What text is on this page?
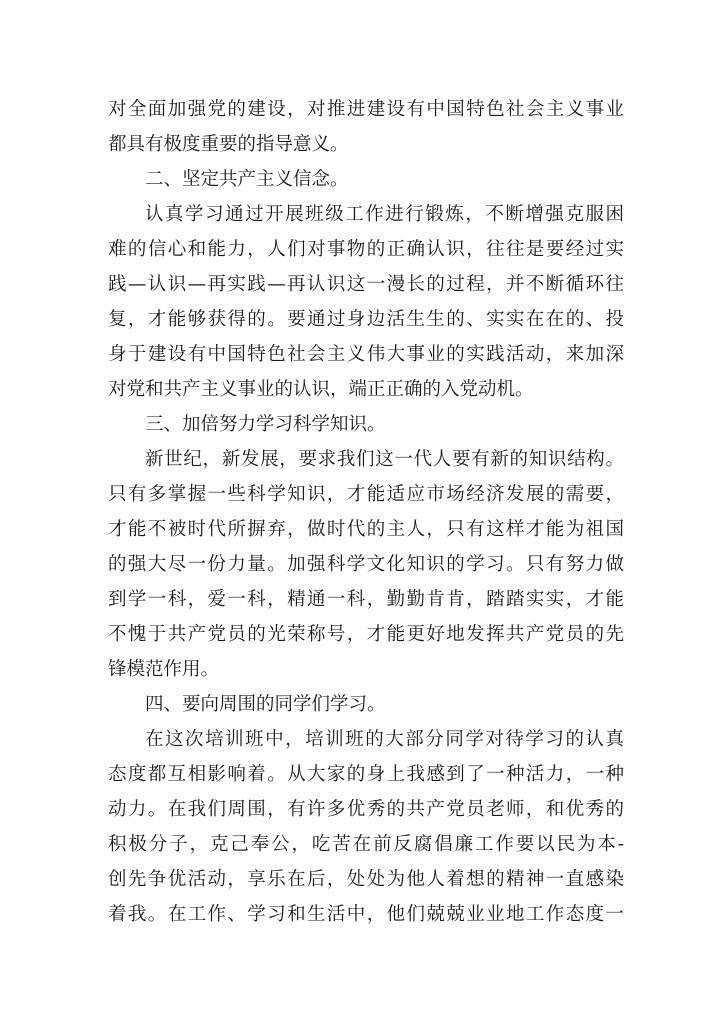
对全面加强党的建设，对推进建设有中国特色社会主义事业
都具有极度重要的指导意义。
二、坚定共产主义信念。
认真学习通过开展班级工作进行锻炼，不断增强克服困
难的信心和能力，人们对事物的正确认识，往往是要经过实
践—认识—再实践—再认识这一漫长的过程，并不断循环往
复，才能够获得的。要通过身边活生生的、实实在在的、投
身于建设有中国特色社会主义伟大事业的实践活动，来加深
对党和共产主义事业的认识，端正正确的入党动机。
三、加倍努力学习科学知识。
新世纪，新发展，要求我们这一代人要有新的知识结构。
只有多掌握一些科学知识，才能适应市场经济发展的需要，
才能不被时代所摒弃，做时代的主人，只有这样才能为祖国
的强大尽一份力量。加强科学文化知识的学习。只有努力做
到学一科，爱一科，精通一科，勤勤肯肯，踏踏实实，才能
不愧于共产党员的光荣称号，才能更好地发挥共产党员的先
锋模范作用。
四、要向周围的同学们学习。
在这次培训班中，培训班的大部分同学对待学习的认真
态度都互相影响着。从大家的身上我感到了一种活力，一种
动力。在我们周围，有许多优秀的共产党员老师，和优秀的
积极分子，克己奉公，吃苦在前反腐倡廉工作要以民为本-
创先争优活动，享乐在后，处处为他人着想的精神一直感染
着我。在工作、学习和生活中，他们兢兢业业地工作态度一
